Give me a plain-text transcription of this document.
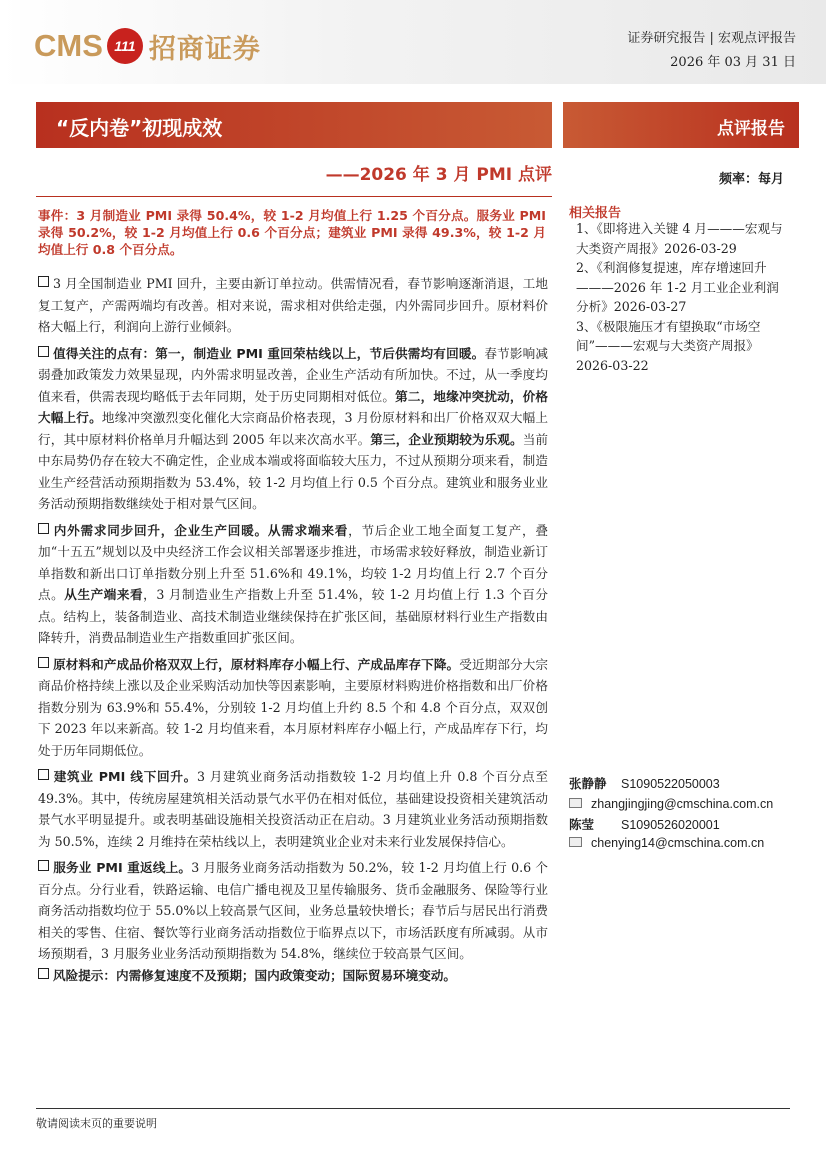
CMS 111 招商证券	证券研究报告 | 宏观点评报告
2026 年 03 月 31 日
“反内卷”初现成效
——2026 年 3 月 PMI 点评
点评报告
频率：每月
事件：3 月制造业 PMI 录得 50.4%，较 1-2 月均值上行 1.25 个百分点。服务业 PMI 录得 50.2%，较 1-2 月均值上行 0.6 个百分点；建筑业 PMI 录得 49.3%，较 1-2 月均值上行 0.8 个百分点。

3 月全国制造业 PMI 回升，主要由新订单拉动。供需情况看，春节影响逐渐消退，工地复工复产，产需两端均有改善。相对来说，需求相对供给走强，内外需同步回升。原材料价格大幅上行，利润向上游行业倾斜。

值得关注的点有：第一，制造业 PMI 重回荣枯线以上，节后供需均有回暖。春节影响减弱叠加政策发力效果显现，内外需求明显改善，企业生产活动有所加快。不过，从一季度均值来看，供需表现均略低于去年同期，处于历史同期相对低位。第二，地缘冲突扰动，价格大幅上行。地缘冲突激烈变化催化大宗商品价格表现，3 月份原材料和出厂价格双双大幅上行，其中原材料价格单月升幅达到 2005 年以来次高水平。第三，企业预期较为乐观。当前中东局势仍存在较大不确定性，企业成本端或将面临较大压力，不过从预期分项来看，制造业生产经营活动预期指数为 53.4%，较 1-2 月均值上行 0.5 个百分点。建筑业和服务业业务活动预期指数继续处于相对景气区间。

内外需求同步回升，企业生产回暖。从需求端来看，节后企业工地全面复工复产，叠加“十五五”规划以及中央经济工作会议相关部署逐步推进，市场需求较好释放，制造业新订单指数和新出口订单指数分别上升至 51.6%和 49.1%，均较 1-2 月均值上行 2.7 个百分点。从生产端来看，3 月制造业生产指数上升至 51.4%，较 1-2 月均值上行 1.3 个百分点。结构上，装备制造业、高技术制造业继续保持在扩张区间，基础原材料行业生产指数由降转升，消费品制造业生产指数重回扩张区间。

原材料和产成品价格双双上行，原材料库存小幅上行、产成品库存下降。受近期部分大宗商品价格持续上涨以及企业采购活动加快等因素影响，主要原材料购进价格指数和出厂价格指数分别为 63.9%和 55.4%，分别较 1-2 月均值上升约 8.5 个和 4.8 个百分点，双双创下 2023 年以来新高。较 1-2 月均值来看，本月原材料库存小幅上行，产成品库存下行，均处于历年同期低位。

建筑业 PMI 线下回升。3 月建筑业商务活动指数较 1-2 月均值上升 0.8 个百分点至 49.3%。其中，传统房屋建筑相关活动景气水平仍在相对低位，基础建设投资相关建筑活动景气水平明显提升。或表明基础设施相关投资活动正在启动。3 月建筑业业务活动预期指数为 50.5%，连续 2 月维持在荣枯线以上，表明建筑业企业对未来行业发展保持信心。

服务业 PMI 重返线上。3 月服务业商务活动指数为 50.2%，较 1-2 月均值上行 0.6 个百分点。分行业看，铁路运输、电信广播电视及卫星传输服务、货币金融服务、保险等行业商务活动指数均位于 55.0%以上较高景气区间，业务总量较快增长；春节后与居民出行消费相关的零售、住宿、餐饮等行业商务活动指数位于临界点以下，市场活跃度有所减弱。从市场预期看，3 月服务业业务活动预期指数为 54.8%，继续位于较高景气区间。

风险提示：内需修复速度不及预期；国内政策变动；国际贸易环境变动。

相关报告

1、《即将进入关键 4 月———宏观与大类资产周报》2026-03-29

2、《利润修复提速，库存增速回升———2026 年 1-2 月工业企业利润分析》2026-03-27

3、《极限施压才有望换取“市场空间”———宏观与大类资产周报》2026-03-22

张静静 S1090522050003
zhangjingjing@cmschina.com.cn
陈莹 S1090526020001
chenying14@cmschina.com.cn
敬请阅读末页的重要说明
